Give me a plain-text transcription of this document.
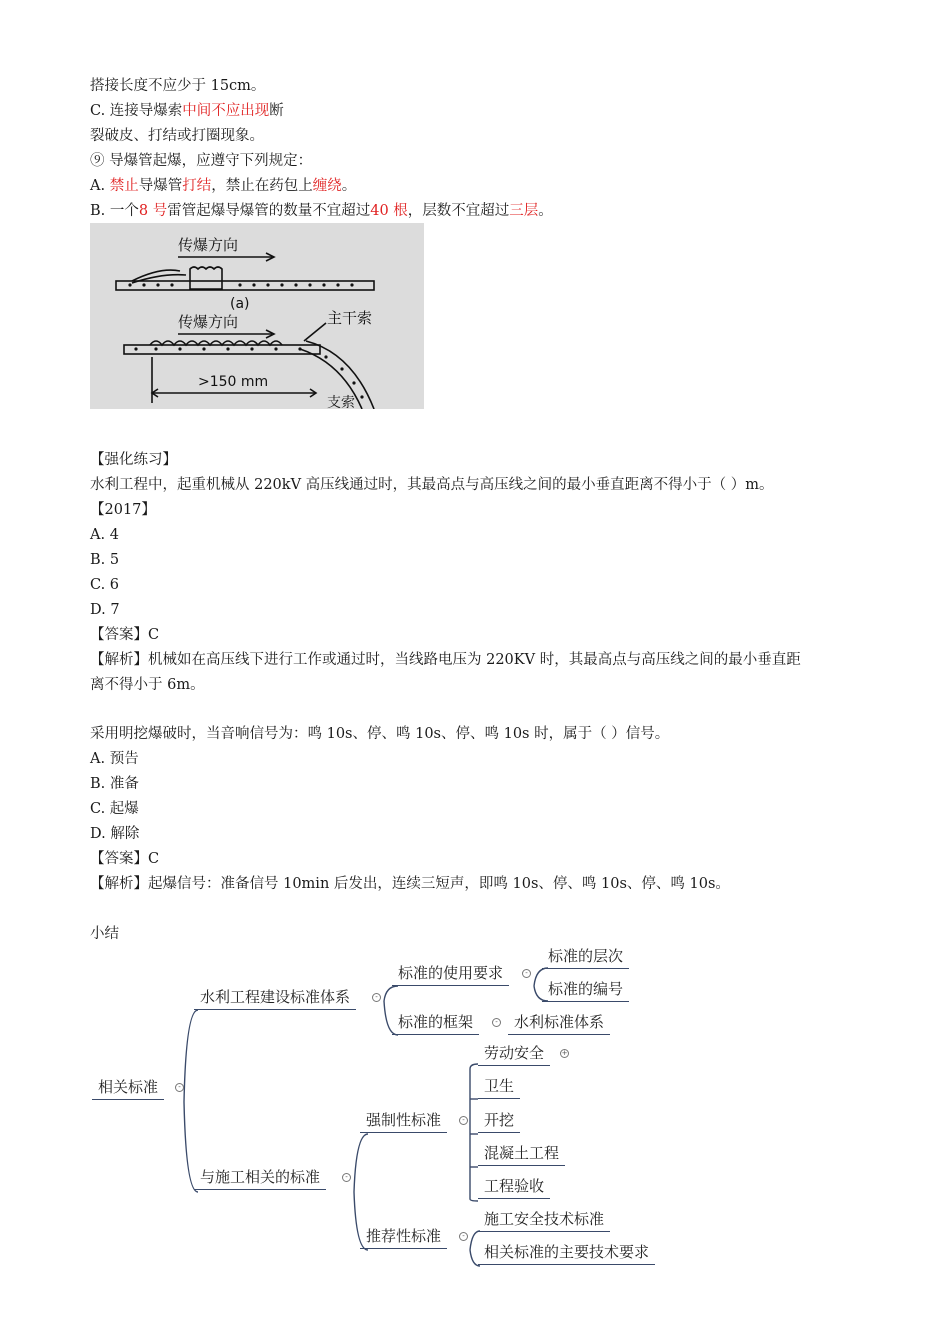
搭接长度不应少于 15cm。
C. 连接导爆索中间不应出现断
裂破皮、打结或打圈现象。
⑨ 导爆管起爆，应遵守下列规定：
A. 禁止导爆管打结，禁止在药包上缠绕。
B. 一个8 号雷管起爆导爆管的数量不宜超过40 根，层数不宜超过三层。
传爆方向
(a)
传爆方向	主干索
支索
>150 mm
【强化练习】
水利工程中，起重机械从 220kV 高压线通过时，其最高点与高压线之间的最小垂直距离不得小于（ ）m。
【2017】
A. 4
B. 5
C. 6
D. 7
【答案】C
【解析】机械如在高压线下进行工作或通过时，当线路电压为 220KV 时，其最高点与高压线之间的最小垂直距
离不得小于 6m。
采用明挖爆破时，当音响信号为：鸣 10s、停、鸣 10s、停、鸣 10s 时，属于（ ）信号。
A. 预告
B. 准备
C. 起爆
D. 解除
【答案】C
【解析】起爆信号：准备信号 10min 后发出，连续三短声，即鸣 10s、停、鸣 10s、停、鸣 10s。
小结
相关标准	-
水利工程建设标准体系	-
标准的使用要求	-
标准的层次
标准的编号
标准的框架	-	水利标准体系
与施工相关的标准	-
强制性标准	-
劳动安全	+
卫生
开挖
混凝土工程
工程验收
推荐性标准	-
施工安全技术标准
相关标准的主要技术要求
